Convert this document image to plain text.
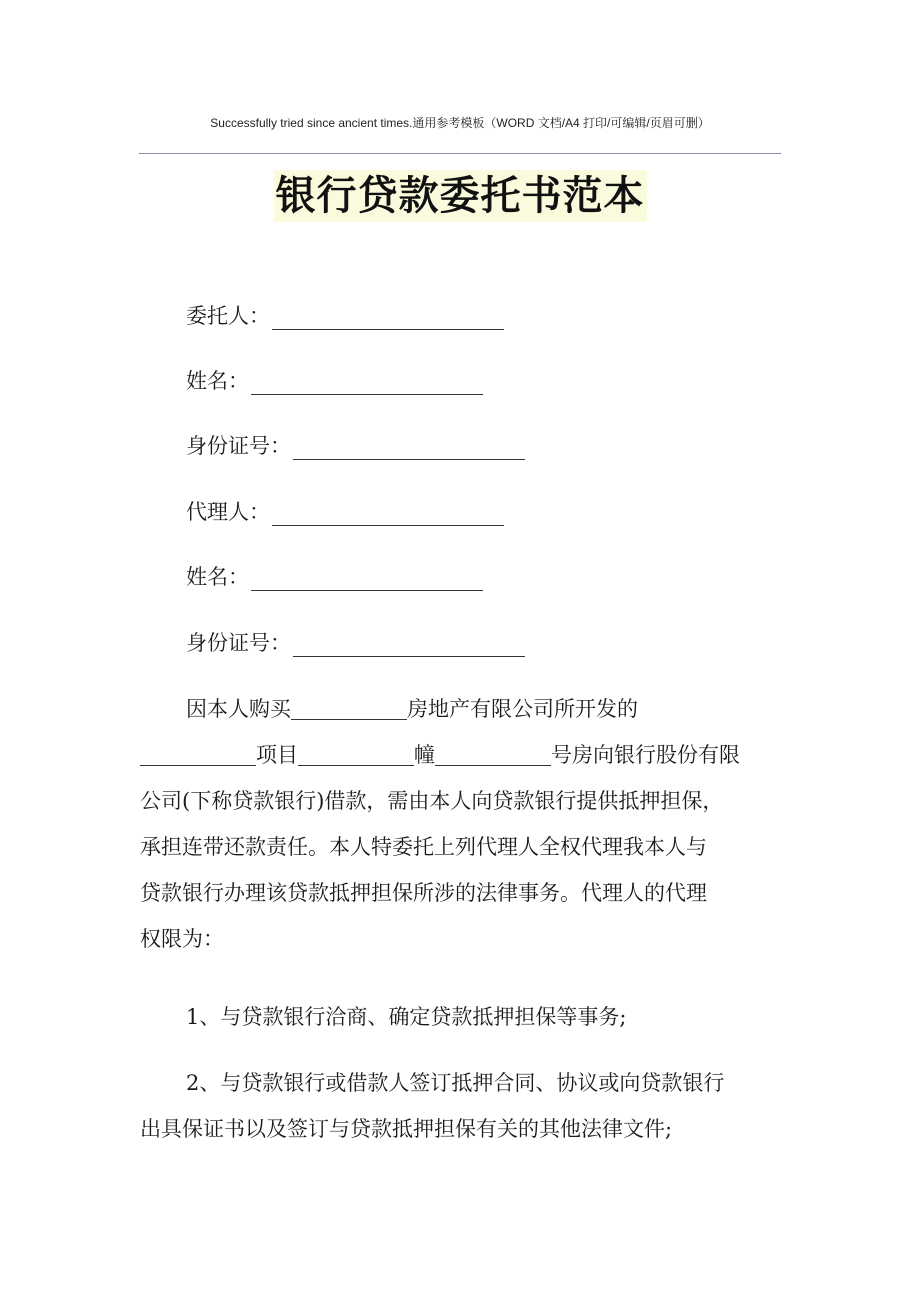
Successfully tried since ancient times.通用参考模板（WORD 文档/A4 打印/可编辑/页眉可删）
银行贷款委托书范本
委托人：
姓名：
身份证号：
代理人：
姓名：
身份证号：
因本人购买	房地产有限公司所开发的
项目	幢	号房向银行股份有限
公司(下称贷款银行)借款，需由本人向贷款银行提供抵押担保，
承担连带还款责任。本人特委托上列代理人全权代理我本人与
贷款银行办理该贷款抵押担保所涉的法律事务。代理人的代理
权限为：
1、与贷款银行洽商、确定贷款抵押担保等事务;
2、与贷款银行或借款人签订抵押合同、协议或向贷款银行
出具保证书以及签订与贷款抵押担保有关的其他法律文件;
